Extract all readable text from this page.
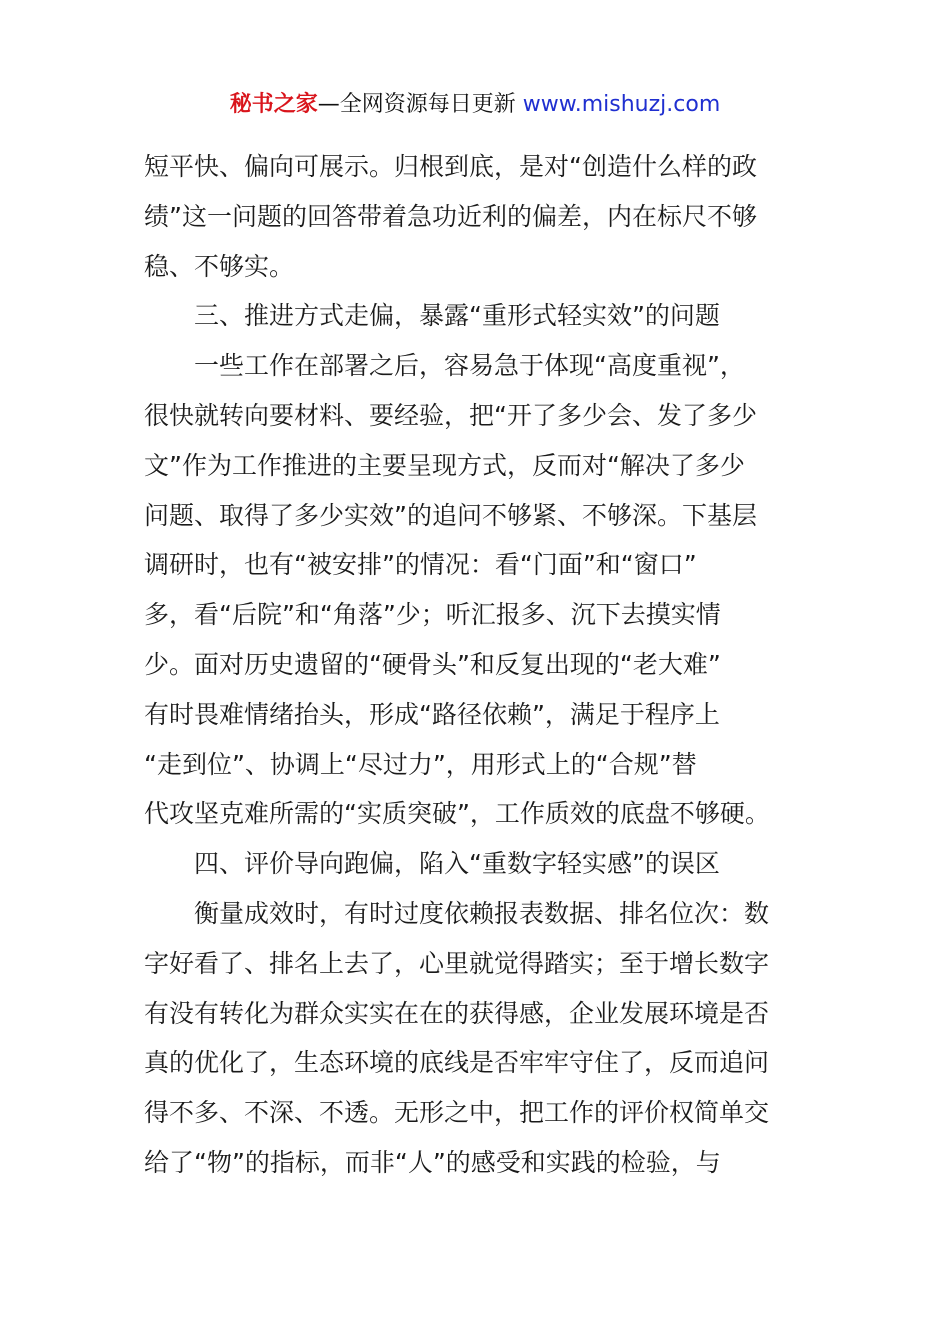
秘书之家—全网资源每日更新 www.mishuzj.com
短平快、偏向可展示。归根到底，是对“创造什么样的政
绩”这一问题的回答带着急功近利的偏差，内在标尺不够
稳、不够实。
三、推进方式走偏，暴露“重形式轻实效”的问题
一些工作在部署之后，容易急于体现“高度重视”，
很快就转向要材料、要经验，把“开了多少会、发了多少
文”作为工作推进的主要呈现方式，反而对“解决了多少
问题、取得了多少实效”的追问不够紧、不够深。下基层
调研时，也有“被安排”的情况：看“门面”和“窗口”
多，看“后院”和“角落”少；听汇报多、沉下去摸实情
少。面对历史遗留的“硬骨头”和反复出现的“老大难”
有时畏难情绪抬头，形成“路径依赖”，满足于程序上
“走到位”、协调上“尽过力”，用形式上的“合规”替
代攻坚克难所需的“实质突破”，工作质效的底盘不够硬。
四、评价导向跑偏，陷入“重数字轻实感”的误区
衡量成效时，有时过度依赖报表数据、排名位次：数
字好看了、排名上去了，心里就觉得踏实；至于增长数字
有没有转化为群众实实在在的获得感，企业发展环境是否
真的优化了，生态环境的底线是否牢牢守住了，反而追问
得不多、不深、不透。无形之中，把工作的评价权简单交
给了“物”的指标，而非“人”的感受和实践的检验，与
